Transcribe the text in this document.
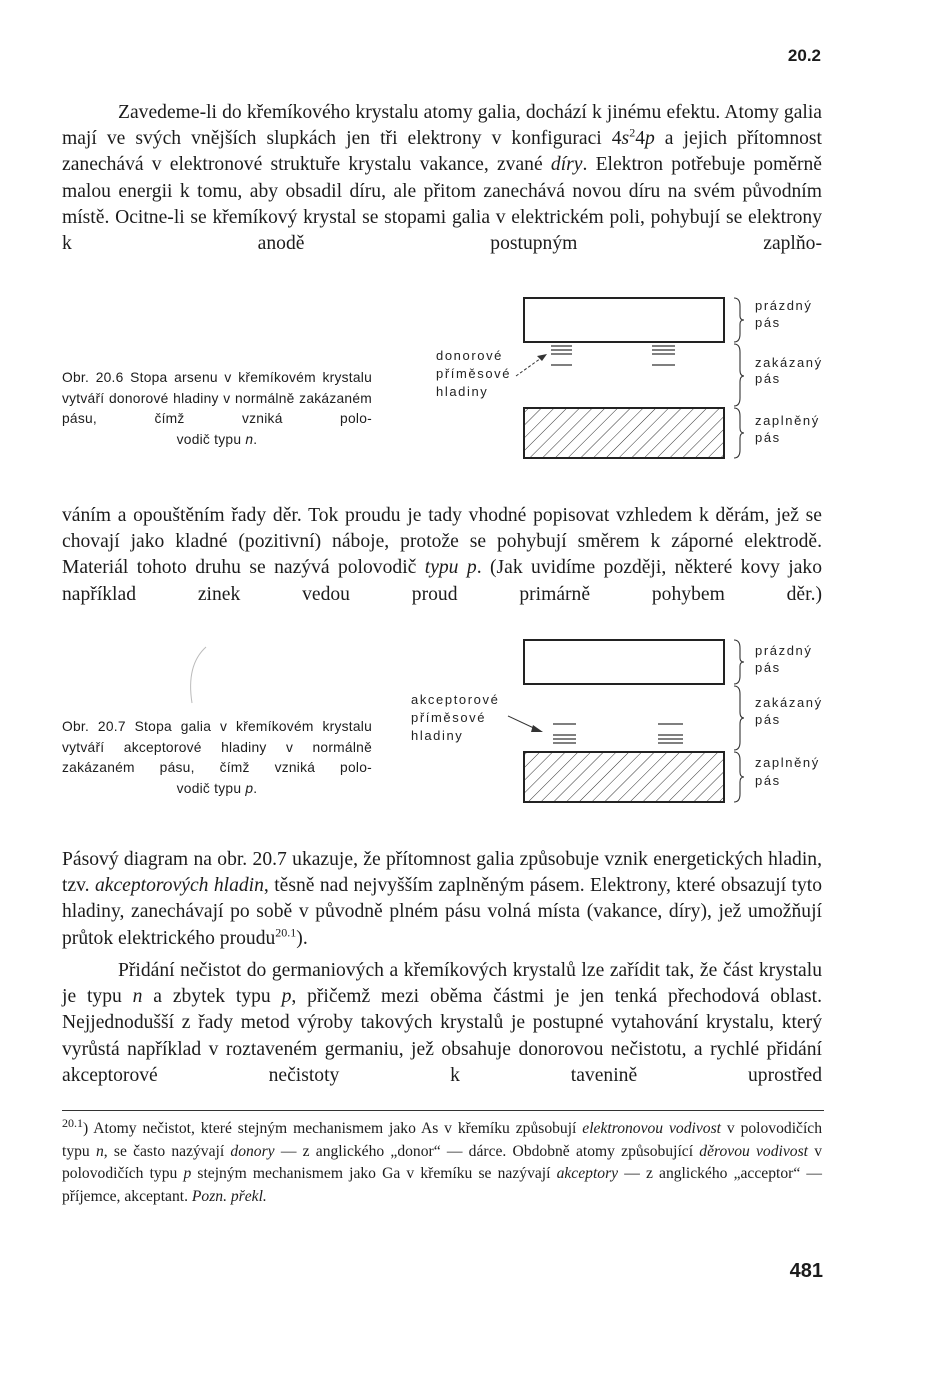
20.2

Zavedeme-li do křemíkového krystalu atomy galia, dochází k jinému efektu. Atomy galia mají ve svých vnějších slupkách jen tři elektrony v konfiguraci $4s^24p$ a jejich přítomnost zanechává v elektronové struktuře krystalu vakance, zvané díry. Elektron potřebuje poměrně malou energii k tomu, aby obsadil díru, ale přitom zanechává novou díru na svém původním místě. Ocitne-li se křemíkový krystal se stopami galia v elektrickém poli, pohybují se elektrony k anodě postupným zaplňo-

Obr. 20.6 Stopa arsenu v křemíkovém krystalu vytváří donorové hladiny v normálně zakázaném pásu, čímž vzniká polo-
vodič typu n.
donorové
příměsové
hladiny
prázdný
pás
zakázaný
pás
zaplněný
pás

váním a opouštěním řady děr. Tok proudu je tady vhodné popisovat vzhledem k děrám, jež se chovají jako kladné (pozitivní) náboje, protože se pohybují směrem k záporné elektrodě. Materiál tohoto druhu se nazývá polovodič typu p. (Jak uvidíme později, některé kovy jako například zinek vedou proud primárně pohybem děr.)

Obr. 20.7 Stopa galia v křemíkovém krystalu vytváří akceptorové hladiny v normálně zakázaném pásu, čímž vzniká polo-
vodič typu p.
akceptorové
příměsové
hladiny
prázdný
pás
zakázaný
pás
zaplněný
pás

Pásový diagram na obr. 20.7 ukazuje, že přítomnost galia způsobuje vznik energetických hladin, tzv. akceptorových hladin, těsně nad nejvyšším zaplněným pásem. Elektrony, které obsazují tyto hladiny, zanechávají po sobě v původně plném pásu volná místa (vakance, díry), jež umožňují průtok elektrického proudu$^{20.1}$).

Přidání nečistot do germaniových a křemíkových krystalů lze zařídit tak, že část krystalu je typu n a zbytek typu p, přičemž mezi oběma částmi je jen tenká přechodová oblast. Nejjednodušší z řady metod výroby takových krystalů je postupné vytahování krystalu, který vyrůstá například v roztaveném germaniu, jež obsahuje donorovou nečistotu, a rychlé přidání akceptorové nečistoty k tavenině uprostřed

$^{20.1}$) Atomy nečistot, které stejným mechanismem jako As v křemíku způsobují elektronovou vodivost v polovodičích typu n, se často nazývají donory — z anglického „donor“ — dárce. Obdobně atomy způsobující děrovou vodivost v polovodičích typu p stejným mechanismem jako Ga v křemíku se nazývají akceptory — z anglického „acceptor“ — příjemce, akceptant. Pozn. překl.

481
